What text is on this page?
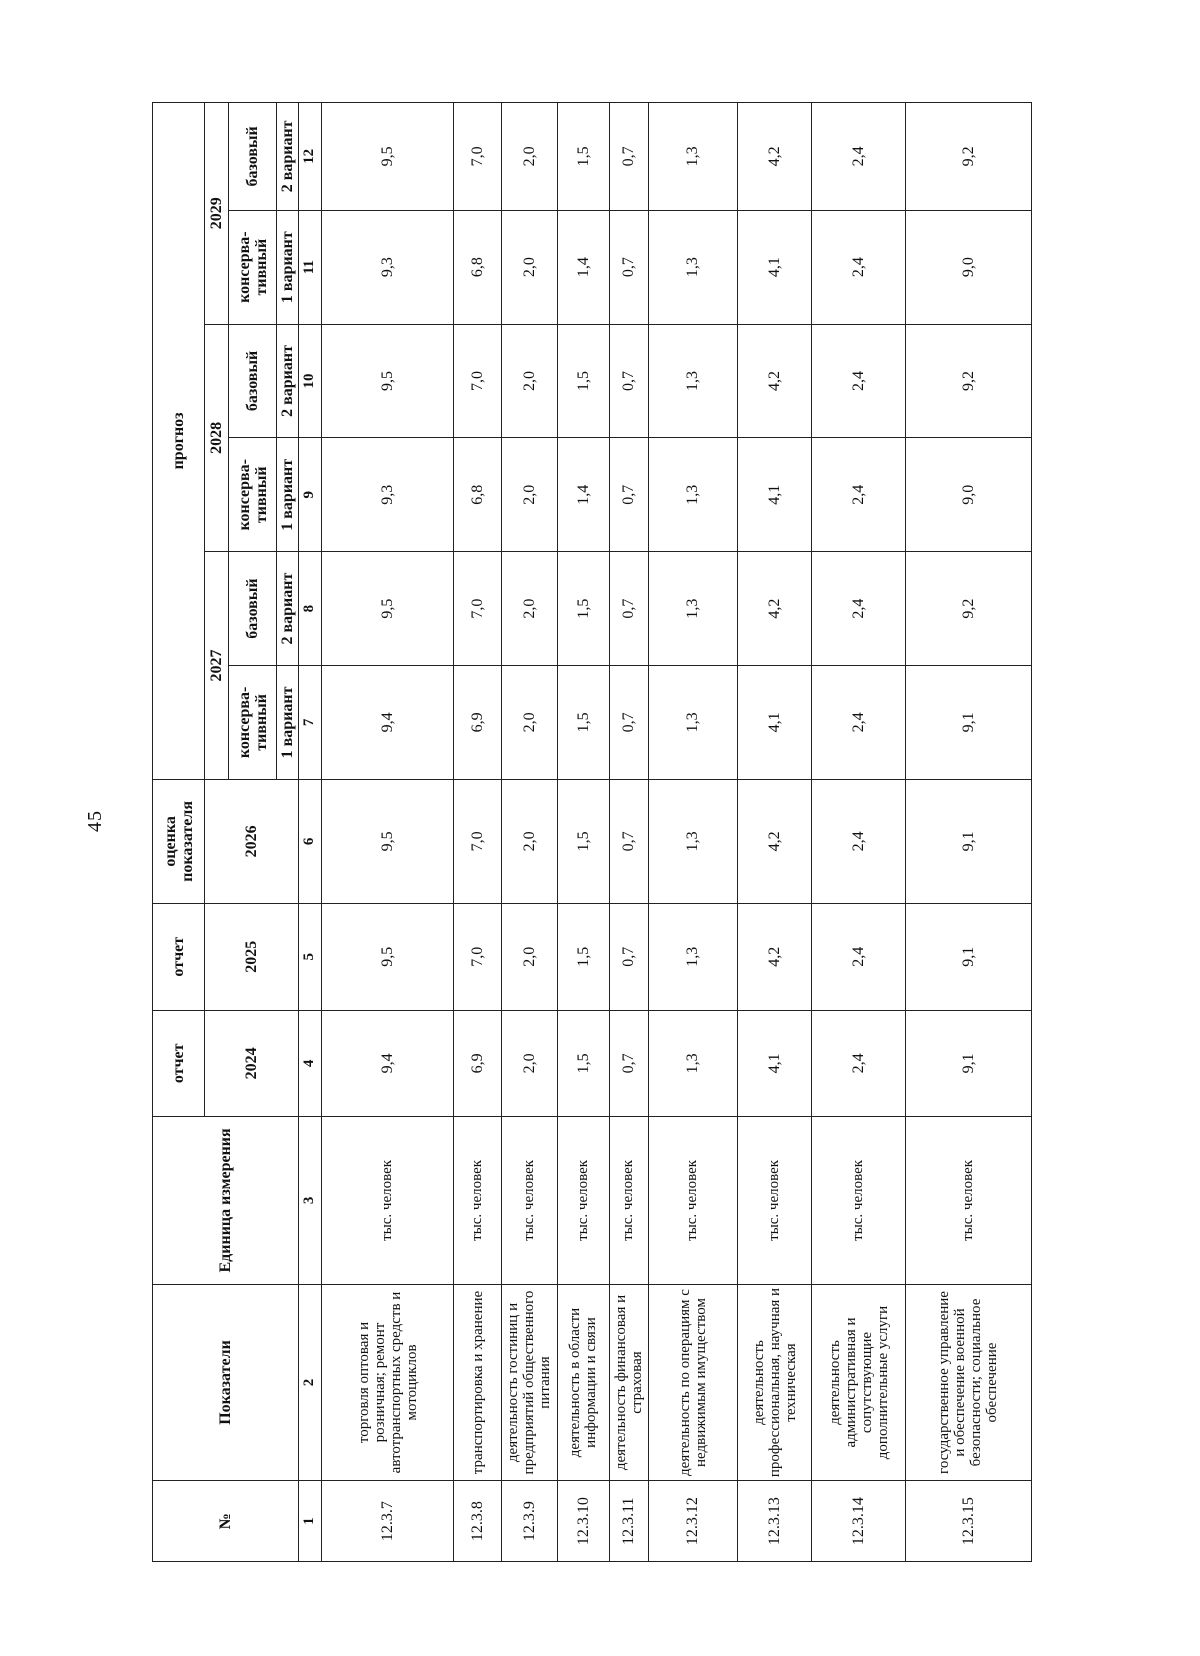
45
№	Показатели	Единица измерения	отчет	отчет	оценка показателя	прогноз					
			2024	2025	2026	2027		2028		2029	
						консерва- тивный	базовый	консерва- тивный	базовый	консерва- тивный	базовый
						1 вариант	2 вариант	1 вариант	2 вариант	1 вариант	2 вариант
1	2	3	4	5	6	7	8	9	10	11	12
12.3.7	торговля оптовая и розничная; ремонт автотранспортных средств и мотоциклов	тыс. человек	9,4	9,5	9,5	9,4	9,5	9,3	9,5	9,3	9,5
12.3.8	транспортировка и хранение	тыс. человек	6,9	7,0	7,0	6,9	7,0	6,8	7,0	6,8	7,0
12.3.9	деятельность гостиниц и предприятий общественного питания	тыс. человек	2,0	2,0	2,0	2,0	2,0	2,0	2,0	2,0	2,0
12.3.10	деятельность в области информации и связи	тыс. человек	1,5	1,5	1,5	1,5	1,5	1,4	1,5	1,4	1,5
12.3.11	деятельность финансовая и страховая	тыс. человек	0,7	0,7	0,7	0,7	0,7	0,7	0,7	0,7	0,7
12.3.12	деятельность по операциям с недвижимым имуществом	тыс. человек	1,3	1,3	1,3	1,3	1,3	1,3	1,3	1,3	1,3
12.3.13	деятельность профессиональная, научная и техническая	тыс. человек	4,1	4,2	4,2	4,1	4,2	4,1	4,2	4,1	4,2
12.3.14	деятельность административная и сопутствующие дополнительные услуги	тыс. человек	2,4	2,4	2,4	2,4	2,4	2,4	2,4	2,4	2,4
12.3.15	государственное управление и обеспечение военной безопасности; социальное обеспечение	тыс. человек	9,1	9,1	9,1	9,1	9,2	9,0	9,2	9,0	9,2
